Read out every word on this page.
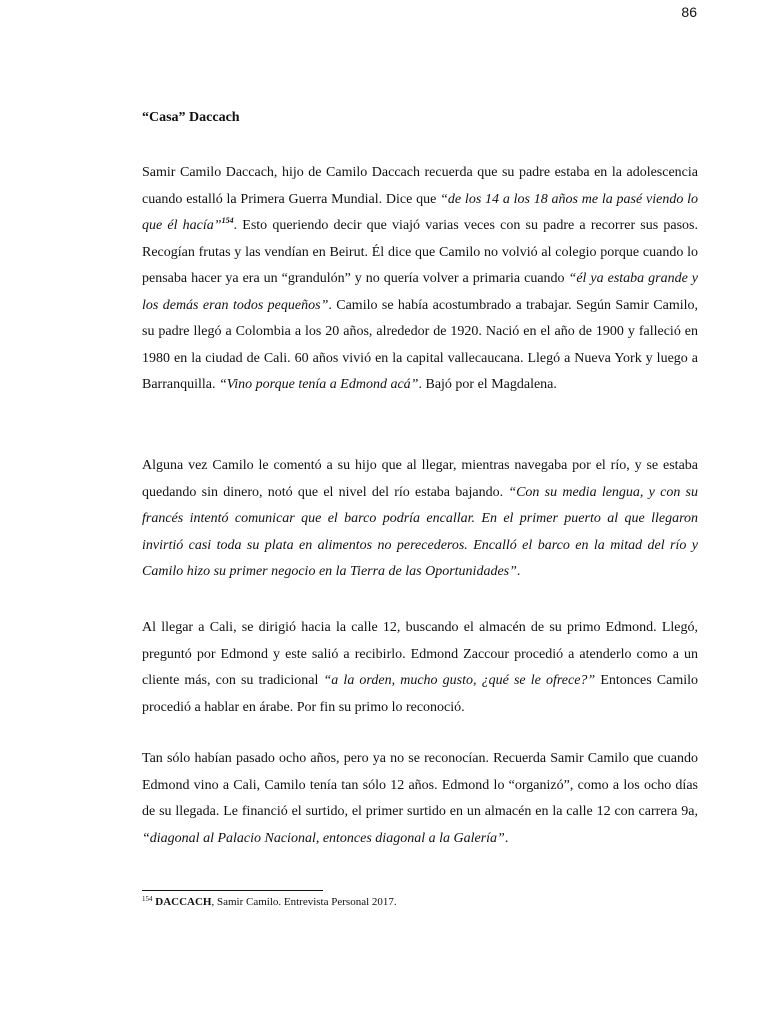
86
“Casa” Daccach
Samir Camilo Daccach, hijo de Camilo Daccach recuerda que su padre estaba en la adolescencia cuando estalló la Primera Guerra Mundial. Dice que “de los 14 a los 18 años me la pasé viendo lo que él hacía”$^{154}$. Esto queriendo decir que viajó varias veces con su padre a recorrer sus pasos. Recogían frutas y las vendían en Beirut. Él dice que Camilo no volvió al colegio porque cuando lo pensaba hacer ya era un “grandulón” y no quería volver a primaria cuando “él ya estaba grande y los demás eran todos pequeños”. Camilo se había acostumbrado a trabajar. Según Samir Camilo, su padre llegó a Colombia a los 20 años, alrededor de 1920. Nació en el año de 1900 y falleció en 1980 en la ciudad de Cali. 60 años vivió en la capital vallecaucana. Llegó a Nueva York y luego a Barranquilla. “Vino porque tenía a Edmond acá”. Bajó por el Magdalena.
Alguna vez Camilo le comentó a su hijo que al llegar, mientras navegaba por el río, y se estaba quedando sin dinero, notó que el nivel del río estaba bajando. “Con su media lengua, y con su francés intentó comunicar que el barco podría encallar. En el primer puerto al que llegaron invirtió casi toda su plata en alimentos no perecederos. Encalló el barco en la mitad del río y Camilo hizo su primer negocio en la Tierra de las Oportunidades”.
Al llegar a Cali, se dirigió hacia la calle 12, buscando el almacén de su primo Edmond. Llegó, preguntó por Edmond y este salió a recibirlo. Edmond Zaccour procedió a atenderlo como a un cliente más, con su tradicional “a la orden, mucho gusto, ¿qué se le ofrece?” Entonces Camilo procedió a hablar en árabe. Por fin su primo lo reconoció.
Tan sólo habían pasado ocho años, pero ya no se reconocían. Recuerda Samir Camilo que cuando Edmond vino a Cali, Camilo tenía tan sólo 12 años. Edmond lo “organizó”, como a los ocho días de su llegada. Le financió el surtido, el primer surtido en un almacén en la calle 12 con carrera 9a, “diagonal al Palacio Nacional, entonces diagonal a la Galería”.
$^{154}$ DACCACH, Samir Camilo. Entrevista Personal 2017.
